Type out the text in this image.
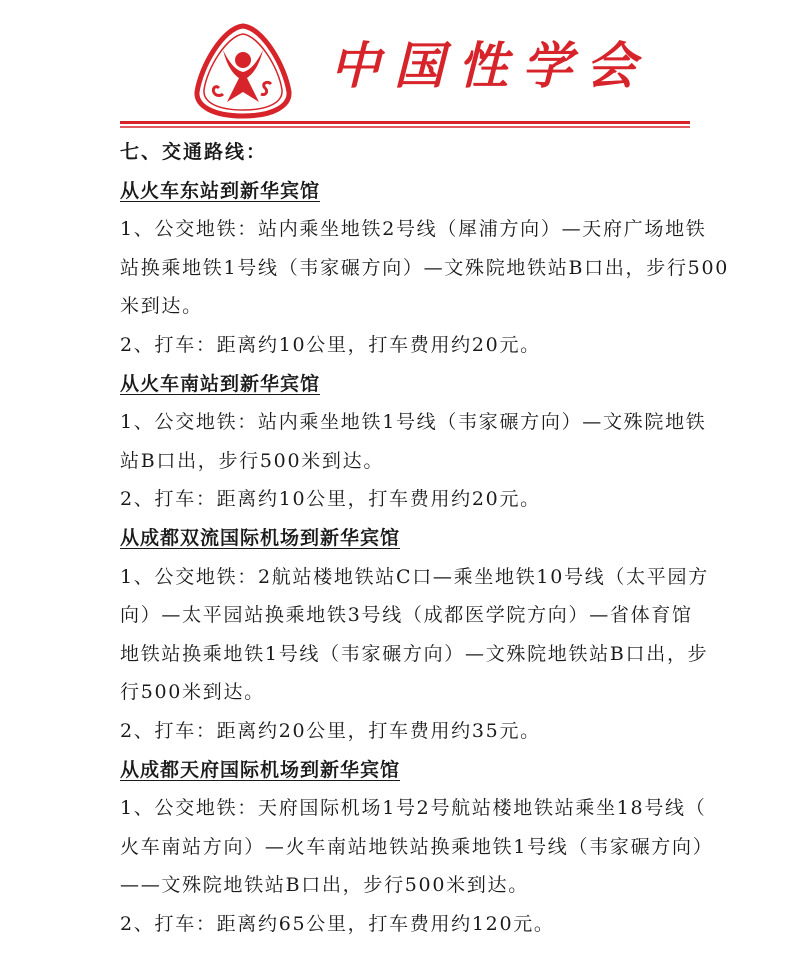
中国性学会
七、交通路线：
从火车东站到新华宾馆
1、公交地铁：站内乘坐地铁2号线（犀浦方向）—天府广场地铁
站换乘地铁1号线（韦家碾方向）—文殊院地铁站B口出，步行500
米到达。
2、打车：距离约10公里，打车费用约20元。
从火车南站到新华宾馆
1、公交地铁：站内乘坐地铁1号线（韦家碾方向）—文殊院地铁
站B口出，步行500米到达。
2、打车：距离约10公里，打车费用约20元。
从成都双流国际机场到新华宾馆
1、公交地铁：2航站楼地铁站C口—乘坐地铁10号线（太平园方
向）—太平园站换乘地铁3号线（成都医学院方向）—省体育馆
地铁站换乘地铁1号线（韦家碾方向）—文殊院地铁站B口出，步
行500米到达。
2、打车：距离约20公里，打车费用约35元。
从成都天府国际机场到新华宾馆
1、公交地铁：天府国际机场1号2号航站楼地铁站乘坐18号线（
火车南站方向）—火车南站地铁站换乘地铁1号线（韦家碾方向）
——文殊院地铁站B口出，步行500米到达。
2、打车：距离约65公里，打车费用约120元。
